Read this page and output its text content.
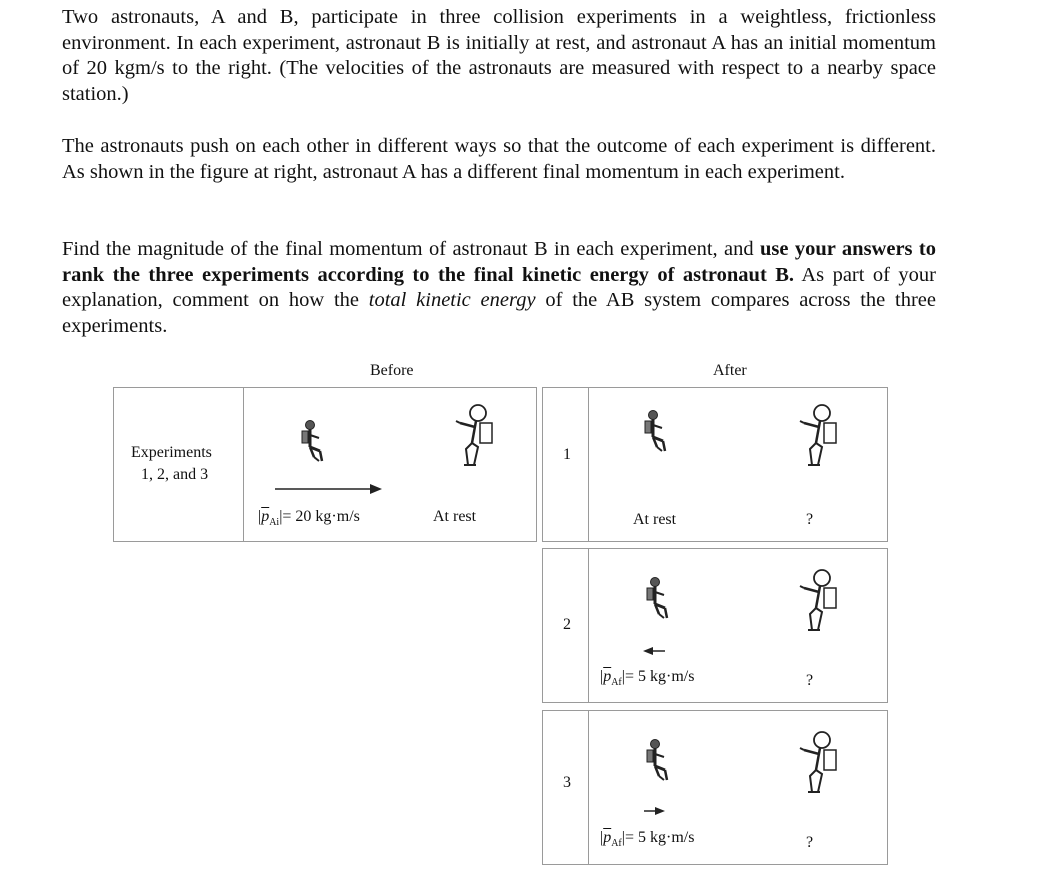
Two astronauts, A and B, participate in three collision experiments in a weightless, frictionless environment. In each experiment, astronaut B is initially at rest, and astronaut A has an initial momentum of 20 kgm/s to the right. (The velocities of the astronauts are measured with respect to a nearby space station.)

The astronauts push on each other in different ways so that the outcome of each experiment is different. As shown in the figure at right, astronaut A has a different final momentum in each experiment.

Find the magnitude of the final momentum of astronaut B in each experiment, and use your answers to rank the three experiments according to the final kinetic energy of astronaut B. As part of your explanation, comment on how the total kinetic energy of the AB system compares across the three experiments.

Before	After
Experiments
1, 2, and 3
$|\overline{p}_{Ai}|= 20$ kg·m/s	At rest
1
At rest	?
2
$|\overline{p}_{Af}|= 5$ kg·m/s	?
3
$|\overline{p}_{Af}|= 5$ kg·m/s	?
